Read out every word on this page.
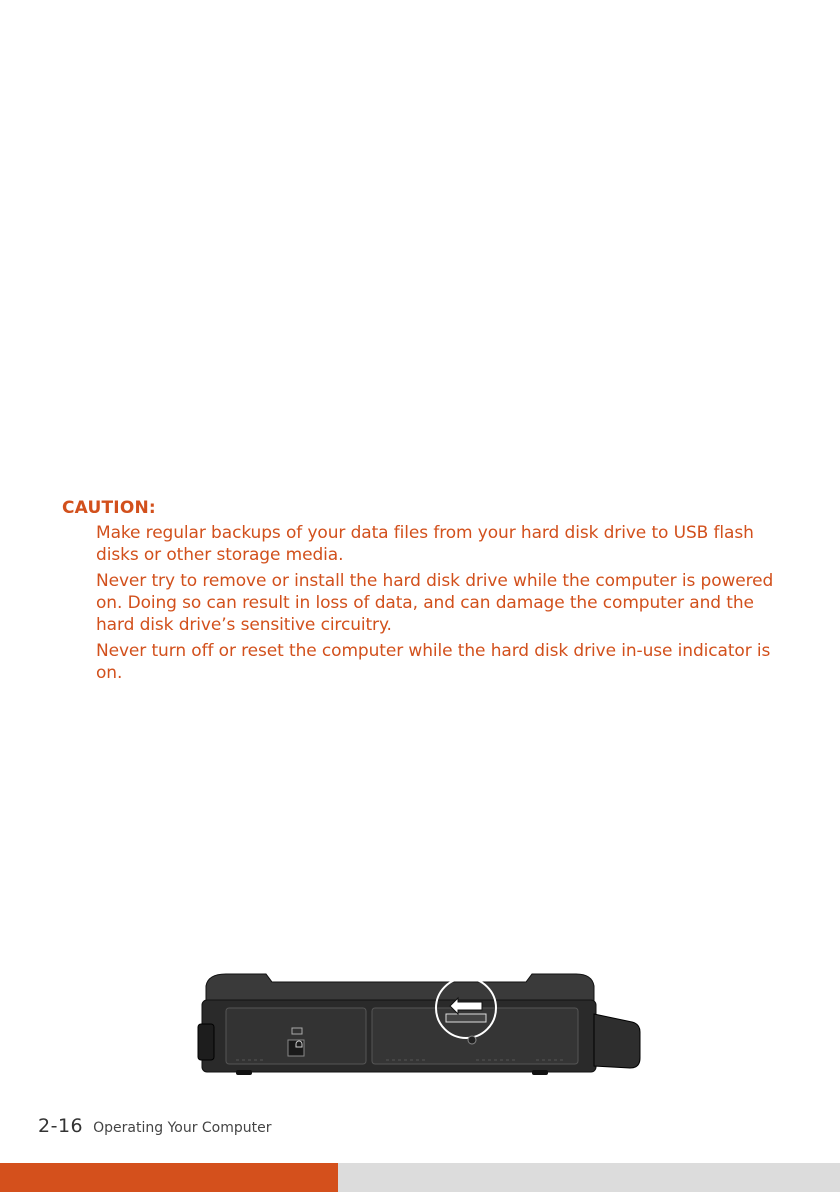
CAUTION:
Make regular backups of your data files from your hard disk drive to USB flash disks or other storage media.
Never try to remove or install the hard disk drive while the computer is powered on. Doing so can result in loss of data, and can damage the computer and the hard disk drive’s sensitive circuitry.
Never turn off or reset the computer while the hard disk drive in-use indicator is on.
2-16 Operating Your Computer
